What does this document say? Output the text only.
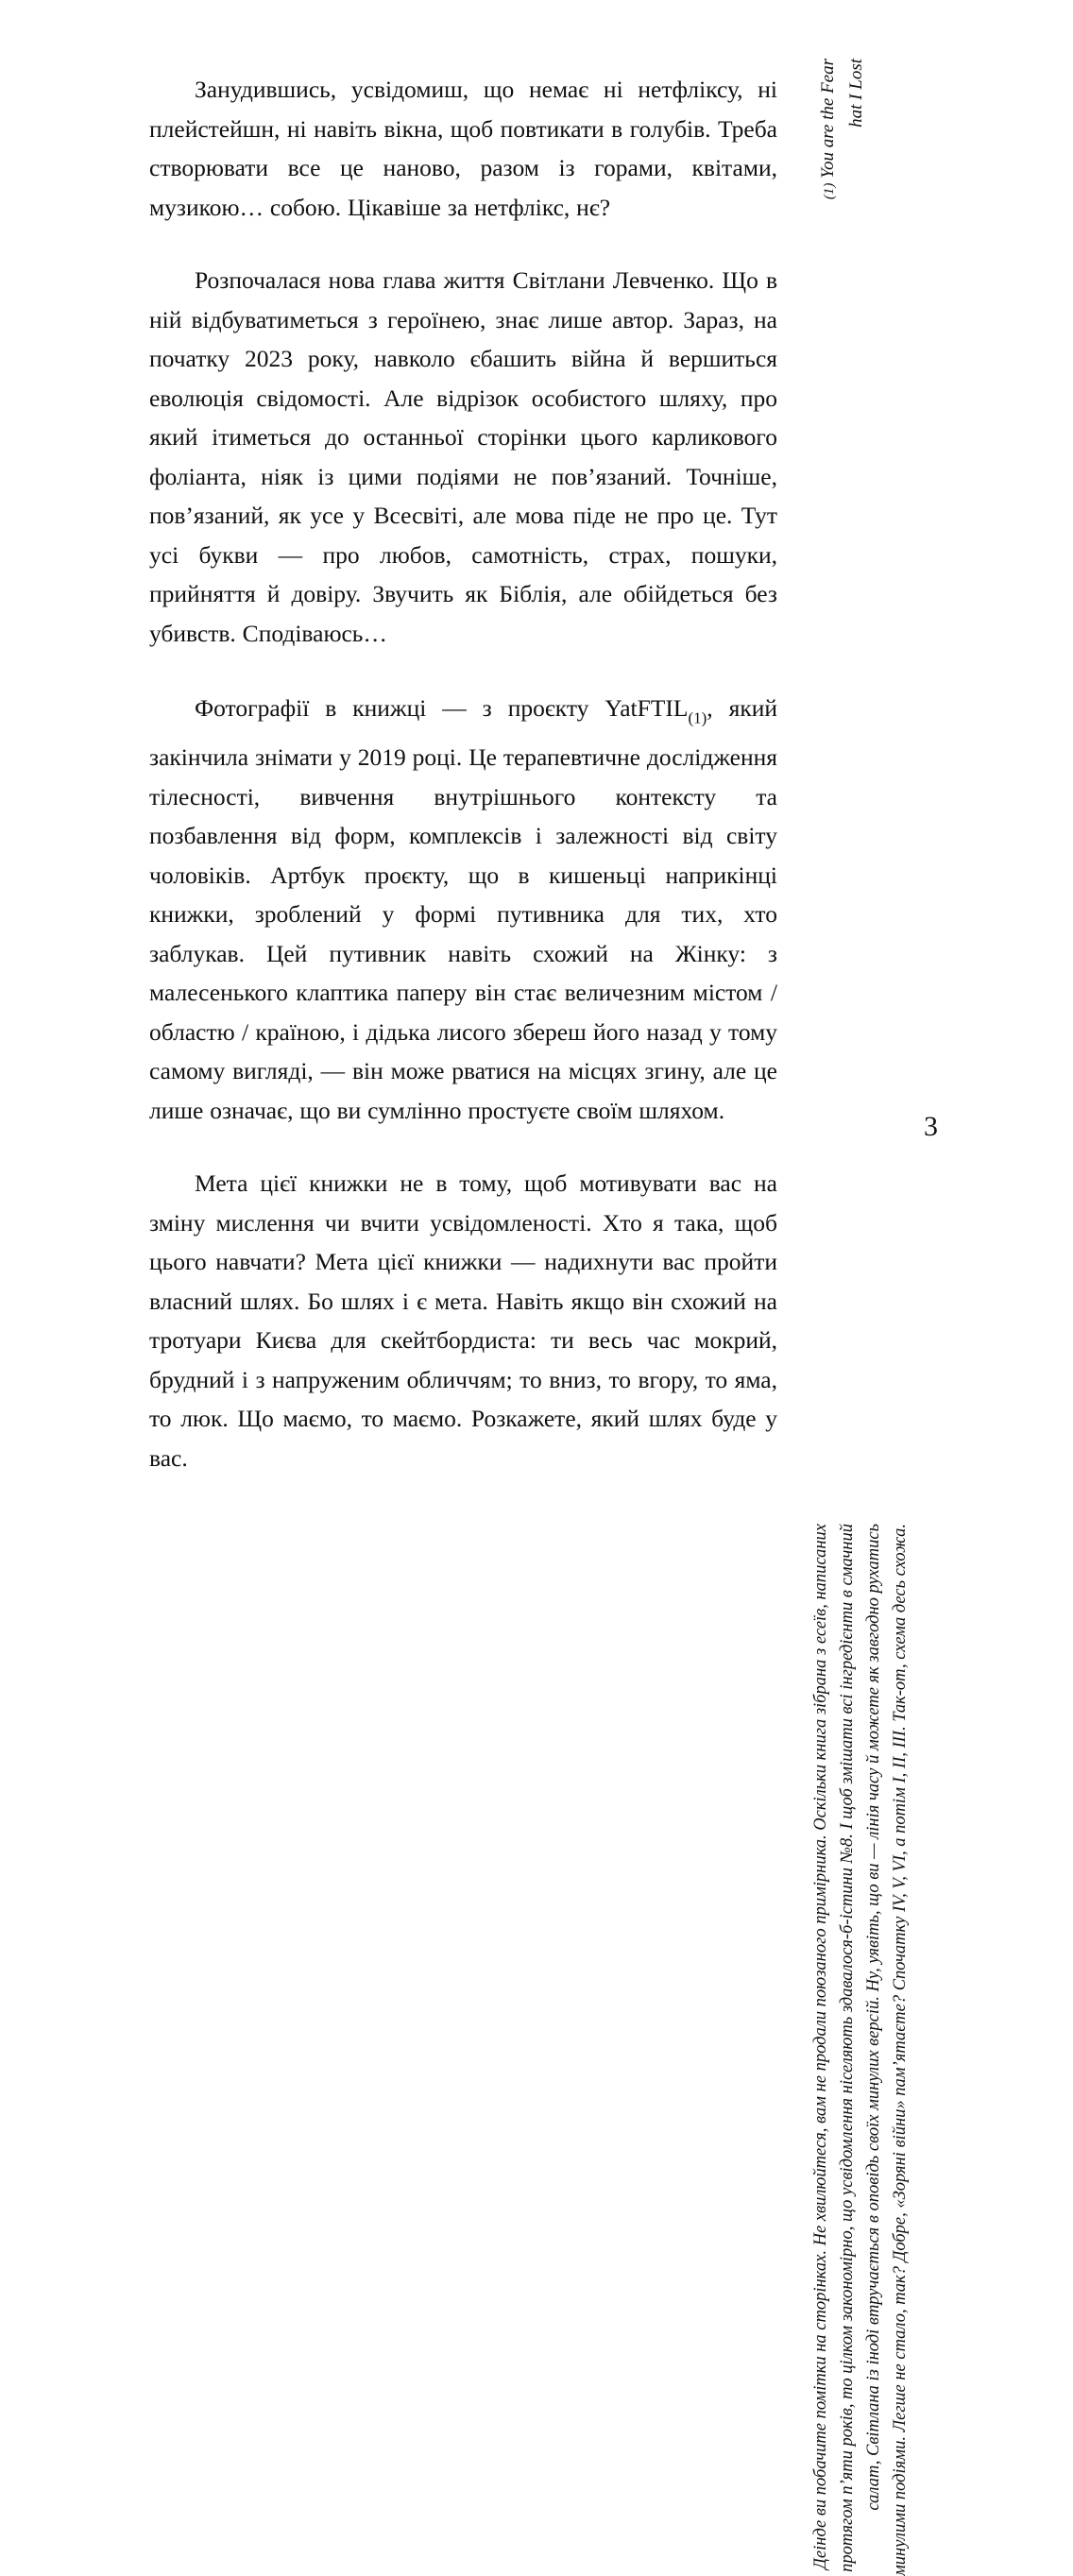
Занудившись, усвідомиш, що немає ні нетфліксу, ні плейстейшн, ні навіть вікна, щоб повтикати в голубів. Треба створювати все це наново, разом із горами, квітами, музикою… собою. Цікавіше за нетфлікс, нє?

Розпочалася нова глава життя Світлани Левченко. Що в ній відбуватиметься з героїнею, знає лише автор. Зараз, на початку 2023 року, навколо єбашить війна й вершиться еволюція свідомості. Але відрізок особистого шляху, про який ітиметься до останньої сторінки цього карликового фоліанта, ніяк із цими подіями не пов’язаний. Точніше, пов’язаний, як усе у Всесвіті, але мова піде не про це. Тут усі букви — про любов, самотність, страх, пошуки, прийняття й довіру. Звучить як Біблія, але обійдеться без убивств. Сподіваюсь…

Фотографії в книжці — з проєкту YatFTIL$_{(1)}$, який закінчила знімати у 2019 році. Це терапевтичне дослідження тілесності, вивчення внутрішнього контексту та позбавлення від форм, комплексів і залежності від світу чоловіків. Артбук проєкту, що в кишеньці наприкінці книжки, зроблений у формі путивника для тих, хто заблукав. Цей путивник навіть схожий на Жінку: з малесенького клаптика паперу він стає величезним містом / областю / країною, і дідька лисого збереш його назад у тому самому вигляді, — він може рватися на місцях згину, але це лише означає, що ви сумлінно простуєте своїм шляхом.

Мета цієї книжки не в тому, щоб мотивувати вас на зміну мислення чи вчити усвідомленості. Хто я така, щоб цього навчати? Мета цієї книжки — надихнути вас пройти власний шлях. Бо шлях і є мета. Навіть якщо він схожий на тротуари Києва для скейтбордиста: ти весь час мокрий, брудний і з напруженим обличчям; то вниз, то вгору, то яма, то люк. Що маємо, то маємо. Розкажете, який шлях буде у вас.

(1) You are the Fear hat I Lost
Деінде ви побачите помітки на сторінках. Не хвилюйтеся, вам не продали поюзаного примірника. Оскільки книга зібрана з есеїв, написаних протягом п’яти років, то цілком закономірно, що усвідомлення ніселяють здавалося-б-істини №8. І щоб змішати всі інгредієнти в смачний салат, Світлана із іноді втручається в оповідь своїх минулих версій. Ну, уявіть, що ви — лінія часу й можете як завгодно рухатись минулими подіями. Легше не стало, так? Добре, «Зоряні війни» пам’ятаєте? Спочатку IV, V, VI, а потім I, II, III. Так-от, схема десь схожа.
3
